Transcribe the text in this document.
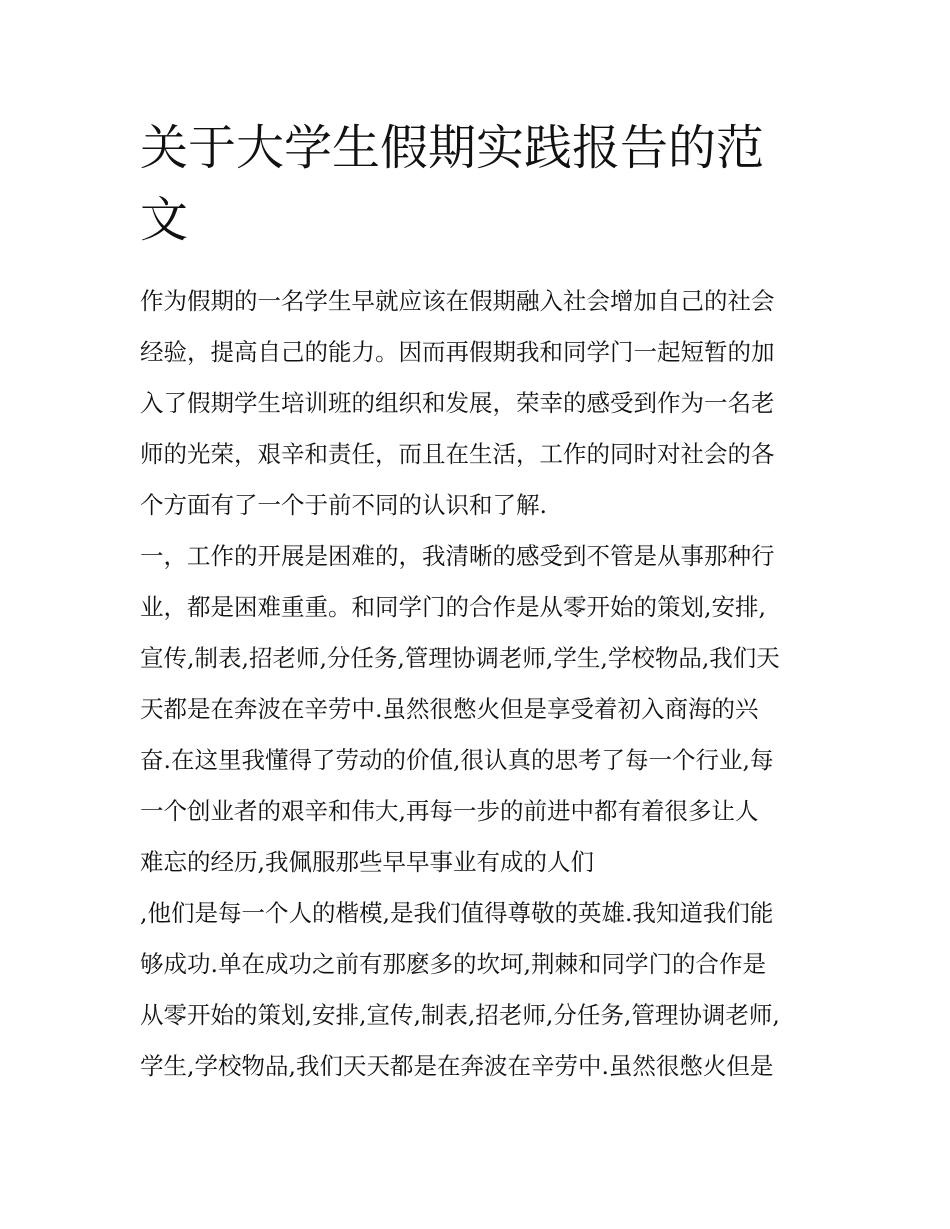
关于大学生假期实践报告的范
文

作为假期的一名学生早就应该在假期融入社会增加自己的社会
经验，提高自己的能力。因而再假期我和同学门一起短暂的加
入了假期学生培训班的组织和发展，荣幸的感受到作为一名老
师的光荣，艰辛和责任，而且在生活，工作的同时对社会的各
个方面有了一个于前不同的认识和了解.

一，工作的开展是困难的，我清晰的感受到不管是从事那种行
业，都是困难重重。和同学门的合作是从零开始的策划,安排,
宣传,制表,招老师,分任务,管理协调老师,学生,学校物品,我们天
天都是在奔波在辛劳中.虽然很憋火但是享受着初入商海的兴
奋.在这里我懂得了劳动的价值,很认真的思考了每一个行业,每
一个创业者的艰辛和伟大,再每一步的前进中都有着很多让人
难忘的经历,我佩服那些早早事业有成的人们

,他们是每一个人的楷模,是我们值得尊敬的英雄.我知道我们能
够成功.单在成功之前有那麽多的坎坷,荆棘和同学门的合作是
从零开始的策划,安排,宣传,制表,招老师,分任务,管理协调老师,
学生,学校物品,我们天天都是在奔波在辛劳中.虽然很憋火但是
